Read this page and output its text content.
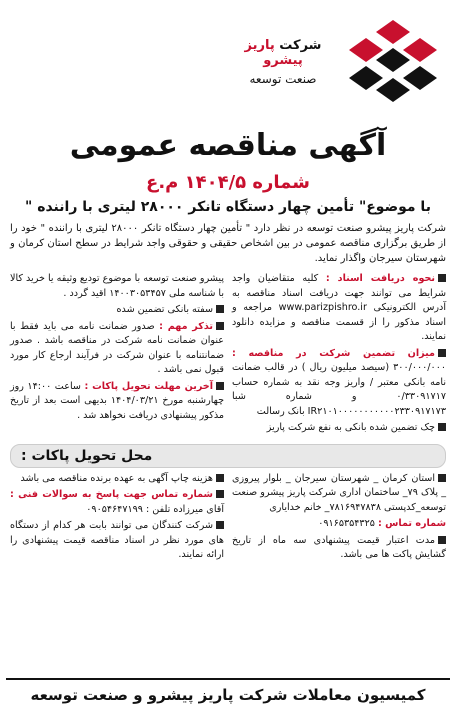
شرکت پاریز پیشرو
صنعت توسعه
آگهی مناقصه عمومی
شماره ۱۴۰۴/۵ م.ع
با موضوع" تأمین چهار دستگاه تانکر ۲۸۰۰۰ لیتری با راننده "
شرکت پاریز پیشرو صنعت توسعه در نظر دارد " تأمین چهار دستگاه تانکر ۲۸۰۰۰ لیتری با راننده " خود را از طریق برگزاری مناقصه عمومی در بین اشخاص حقیقی و حقوقی واجد شرایط در سطح استان کرمان و شهرستان سیرجان واگذار نماید.
نحوه دریافت اسناد : کلیه متقاضیان واجد شرایط می توانند جهت دریافت اسناد مناقصه به آدرس الکترونیکی www.parizpishro.ir مراجعه و اسناد مذکور را از قسمت مناقصه و مزایده دانلود نمایند.
میزان تضمین شرکت در مناقصه : ۳۰۰/۰۰۰/۰۰۰ (سیصد میلیون ریال ) در قالب ضمانت نامه بانکی معتبر / واریز وجه نقد به شماره حساب ۰/۳۳۰۹۱۷۱۷ و شماره شبا IR۲۱۰۱۰۰۰۰۰۰۰۰۰۰۰۲۳۳۰۹۱۷۱۷۳ بانک رسالت
چک تضمین شده بانکی به نفع شرکت پاریز
پیشرو صنعت توسعه با موضوع تودیع وثیقه یا خرید کالا با شناسه ملی ۱۴۰۰۳۰۵۳۴۵۷ اقید گردد .
سفته بانکی تضمین شده
تذکر مهم : صدور ضمانت نامه می باید فقط با عنوان ضمانت نامه شرکت در مناقصه باشد . صدور ضمانتنامه با عنوان شرکت در فرآیند ارجاع کار مورد قبول نمی باشد .
آخرین مهلت تحویل پاکات : ساعت ۱۴:۰۰ روز چهارشنبه مورخ ۱۴۰۴/۰۳/۲۱ بدیهی است بعد از تاریخ مذکور پیشنهادی دریافت نخواهد شد .
محل تحویل پاکات :
استان کرمان _ شهرستان سیرجان _ بلوار پیروزی _ پلاک ۷۹_ ساختمان اداری شرکت پاریز پیشرو صنعت توسعه_کدپستی ۷۸۱۶۹۴۷۸۳۸_ خانم خدایاری
شماره تماس : ۰۹۱۶۵۳۵۴۳۲۵
مدت اعتبار قیمت پیشنهادی سه ماه از تاریخ گشایش پاکت ها می باشد.
هزینه چاپ آگهی به عهده برنده مناقصه می باشد
شماره تماس جهت پاسخ به سوالات فنی : آقای میرزاده تلفن : ۰۹۰۵۴۶۴۷۱۹۹
شرکت کنندگان می توانند بابت هر کدام از دستگاه های مورد نظر در اسناد مناقصه قیمت پیشنهادی را ارائه نمایند.
کمیسیون معاملات شرکت پاریز پیشرو و صنعت توسعه
